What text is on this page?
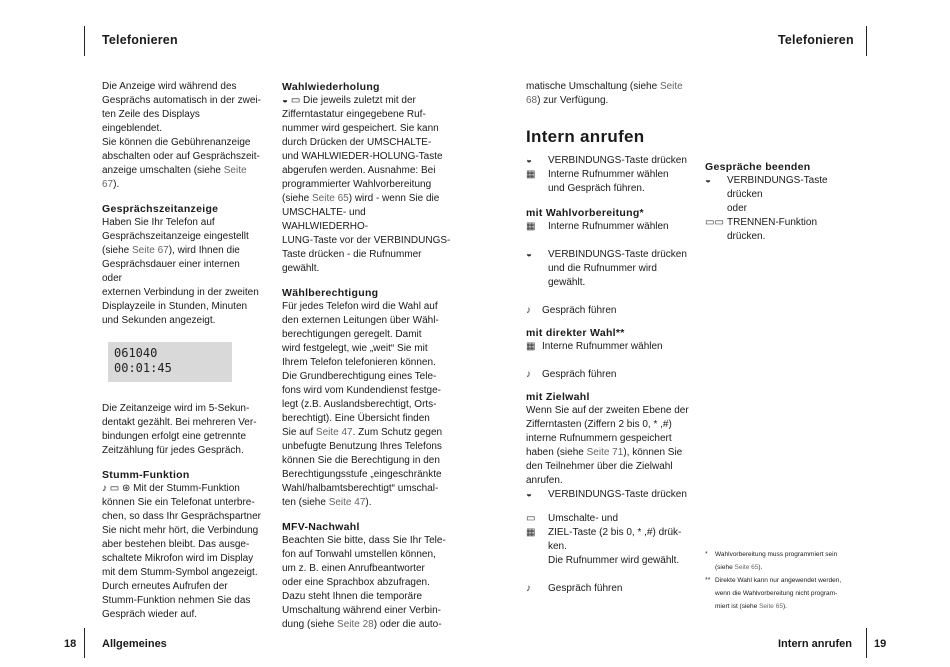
Telefonieren	Telefonieren
18 Allgemeines	Intern anrufen 19

Die Anzeige wird während des
Gesprächs automatisch in der zwei-
ten Zeile des Displays eingeblendet.
Sie können die Gebührenanzeige
abschalten oder auf Gesprächszeit-
anzeige umschalten (siehe Seite 67).

Gesprächszeitanzeige

Haben Sie Ihr Telefon auf
Gesprächszeitanzeige eingestellt
(siehe Seite 67), wird Ihnen die
Gesprächsdauer einer internen oder
externen Verbindung in der zweiten
Displayzeile in Stunden, Minuten
und Sekunden angezeigt.

061040
00:01:45

Die Zeitanzeige wird im 5-Sekun-
dentakt gezählt. Bei mehreren Ver-
bindungen erfolgt eine getrennte
Zeitzählung für jedes Gespräch.

Stumm-Funktion

♪ ▭ ⊛ Mit der Stumm-Funktion
können Sie ein Telefonat unterbre-
chen, so dass Ihr Gesprächspartner
Sie nicht mehr hört, die Verbindung
aber bestehen bleibt. Das ausge-
schaltete Mikrofon wird im Display
mit dem Stumm-Symbol angezeigt.
Durch erneutes Aufrufen der
Stumm-Funktion nehmen Sie das
Gespräch wieder auf.

Wahlwiederholung

◒ ▭ Die jeweils zuletzt mit der
Zifferntastatur eingegebene Ruf-
nummer wird gespeichert. Sie kann
durch Drücken der UMSCHALTE-
und WAHLWIEDER-HOLUNG-Taste
abgerufen werden. Ausnahme: Bei
programmierter Wahlvorbereitung
(siehe Seite 65) wird - wenn Sie die
UMSCHALTE- und WAHLWIEDERHO-
LUNG-Taste vor der VERBINDUNGS-
Taste drücken - die Rufnummer
gewählt.

Wählberechtigung

Für jedes Telefon wird die Wahl auf
den externen Leitungen über Wähl-
berechtigungen geregelt. Damit
wird festgelegt, wie „weit“ Sie mit
Ihrem Telefon telefonieren können.
Die Grundberechtigung eines Tele-
fons wird vom Kundendienst festge-
legt (z.B. Auslandsberechtigt, Orts-
berechtigt). Eine Übersicht finden
Sie auf Seite 47. Zum Schutz gegen
unbefugte Benutzung Ihres Telefons
können Sie die Berechtigung in den
Berechtigungsstufe „eingeschränkte
Wahl/halbamtsberechtigt“ umschal-
ten (siehe Seite 47).

MFV-Nachwahl

Beachten Sie bitte, dass Sie Ihr Tele-
fon auf Tonwahl umstellen können,
um z. B. einen Anrufbeantworter
oder eine Sprachbox abzufragen.
Dazu steht Ihnen die temporäre
Umschaltung während einer Verbin-
dung (siehe Seite 28) oder die auto-

matische Umschaltung (siehe Seite
68) zur Verfügung.

Intern anrufen

◒	VERBINDUNGS-Taste drücken
▦	Interne Rufnummer wählen
und Gespräch führen.

mit Wahlvorbereitung*

▦	Interne Rufnummer wählen
◒	VERBINDUNGS-Taste drücken
und die Rufnummer wird
gewählt.
♪	Gespräch führen

mit direkter Wahl**

▦ Interne Rufnummer wählen
♪	Gespräch führen

mit Zielwahl

Wenn Sie auf der zweiten Ebene der
Zifferntasten (Ziffern 2 bis 0, * ,#)
interne Rufnummern gespeichert
haben (siehe Seite 71), können Sie
den Teilnehmer über die Zielwahl
anrufen.

◒	VERBINDUNGS-Taste drücken
▭	Umschalte- und
▦	ZIEL-Taste (2 bis 0, * ,#) drük-
ken.
Die Rufnummer wird gewählt.
♪	Gespräch führen

Gespräche beenden

◒	VERBINDUNGS-Taste drücken
oder
▭▭ TRENNEN-Funktion
drücken.
*	Wahlvorbereitung muss programmiert sein
(siehe Seite 65).
** Direkte Wahl kann nur angewendet werden,
wenn die Wahlvorbereitung nicht program-
miert ist (siehe Seite 65).
